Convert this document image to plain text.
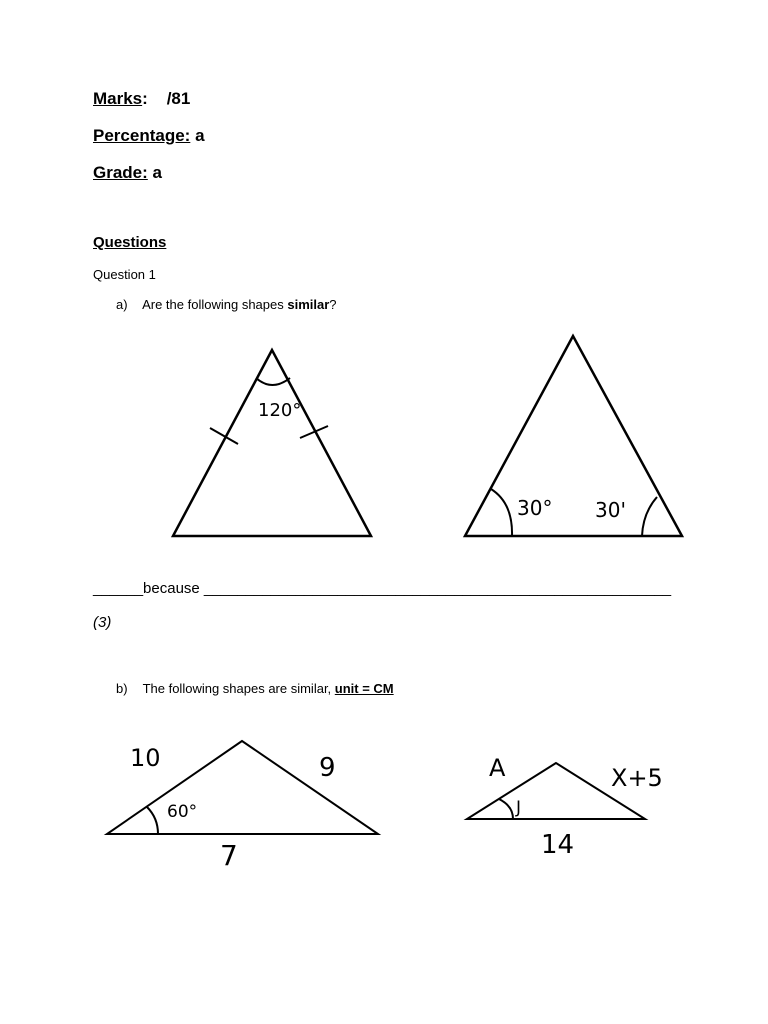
Marks:    /81
Percentage: a
Grade: a
Questions
Question 1
a) Are the following shapes similar?
120°
30° 30'
______because ________________________________________________________
(3)
b) The following shapes are similar, unit = CM
10	9
60°
7
A	X+5
J
14
